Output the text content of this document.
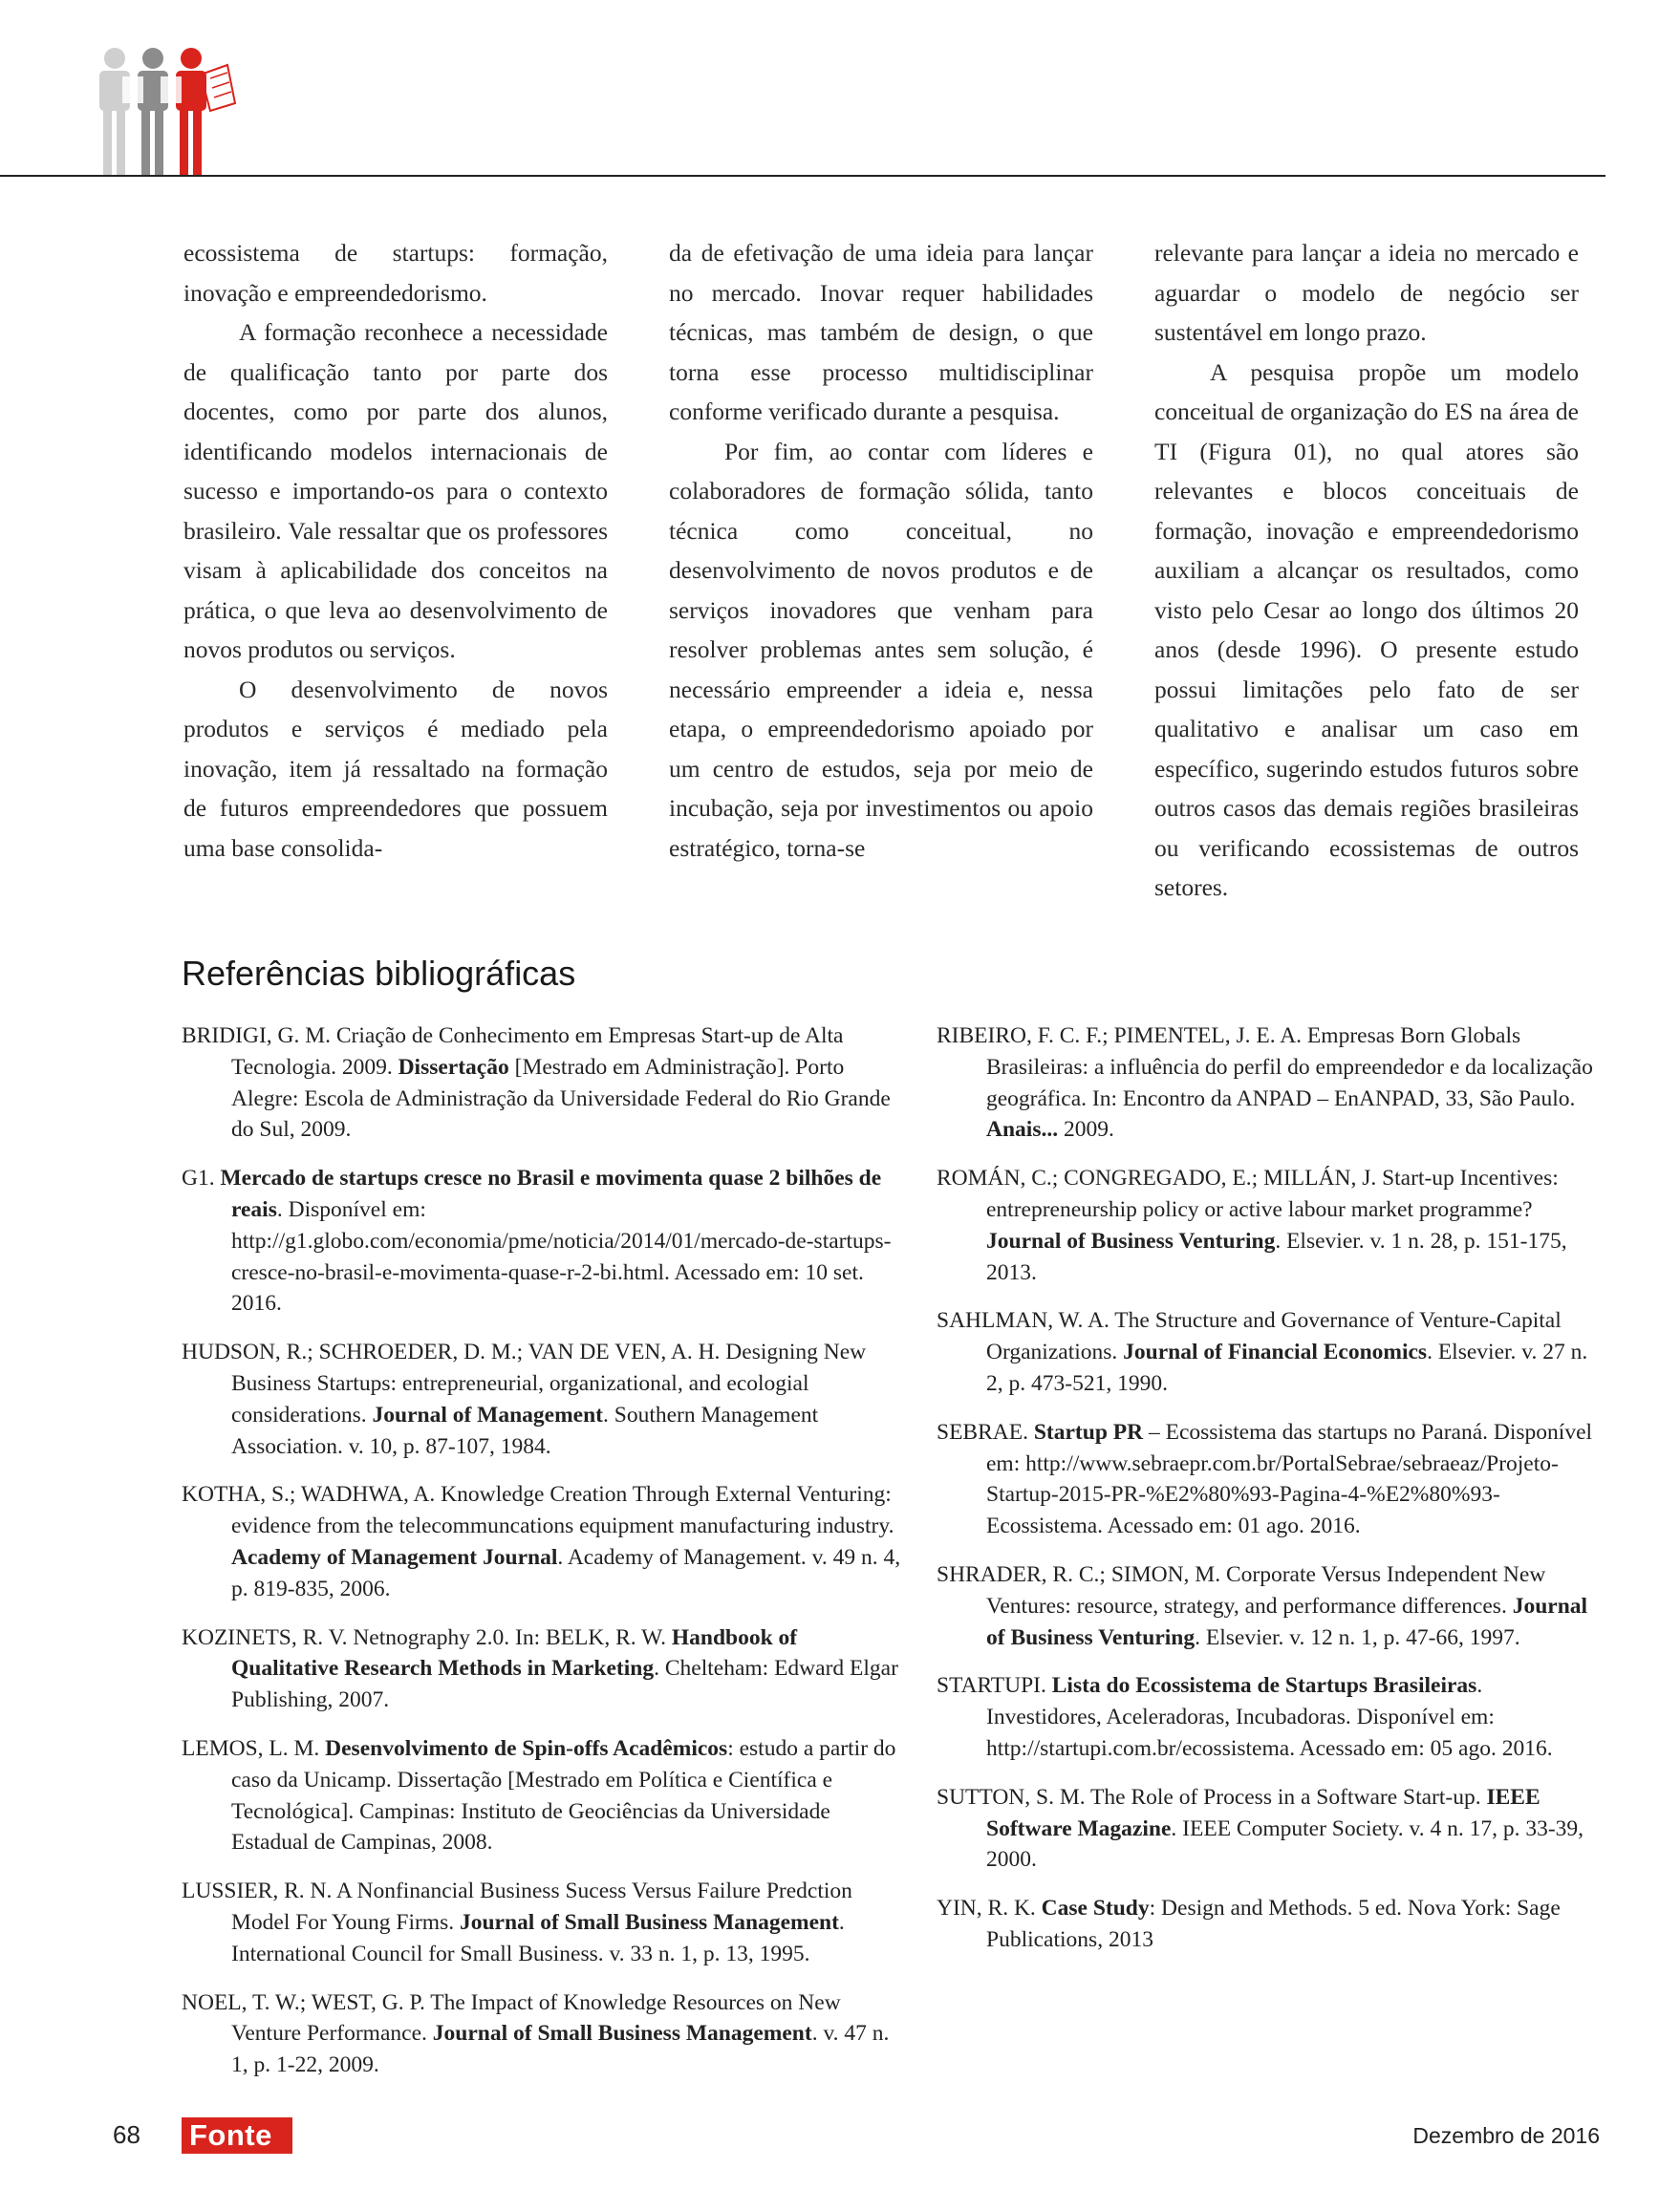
ecossistema de startups: formação, inovação e empreendedorismo.

A formação reconhece a necessidade de qualificação tanto por parte dos docentes, como por parte dos alunos, identificando modelos internacionais de sucesso e importando-os para o contexto brasileiro. Vale ressaltar que os professores visam à aplicabilidade dos conceitos na prática, o que leva ao desenvolvimento de novos produtos ou serviços.

O desenvolvimento de novos produtos e serviços é mediado pela inovação, item já ressaltado na formação de futuros empreendedores que possuem uma base consolida-

da de efetivação de uma ideia para lançar no mercado. Inovar requer habilidades técnicas, mas também de design, o que torna esse processo multidisciplinar conforme verificado durante a pesquisa.

Por fim, ao contar com líderes e colaboradores de formação sólida, tanto técnica como conceitual, no desenvolvimento de novos produtos e de serviços inovadores que venham para resolver problemas antes sem solução, é necessário empreender a ideia e, nessa etapa, o empreendedorismo apoiado por um centro de estudos, seja por meio de incubação, seja por investimentos ou apoio estratégico, torna-se

relevante para lançar a ideia no mercado e aguardar o modelo de negócio ser sustentável em longo prazo.

A pesquisa propõe um modelo conceitual de organização do ES na área de TI (Figura 01), no qual atores são relevantes e blocos conceituais de formação, inovação e empreendedorismo auxiliam a alcançar os resultados, como visto pelo Cesar ao longo dos últimos 20 anos (desde 1996). O presente estudo possui limitações pelo fato de ser qualitativo e analisar um caso em específico, sugerindo estudos futuros sobre outros casos das demais regiões brasileiras ou verificando ecossistemas de outros setores.

Referências bibliográficas

BRIDIGI, G. M. Criação de Conhecimento em Empresas Start-up de Alta Tecnologia. 2009. Dissertação [Mestrado em Administração]. Porto Alegre: Escola de Administração da Universidade Federal do Rio Grande do Sul, 2009.

G1. Mercado de startups cresce no Brasil e movimenta quase 2 bilhões de reais. Disponível em: http://g1.globo.com/economia/pme/noticia/2014/01/mercado-de-startups-cresce-no-brasil-e-movimenta-quase-r-2-bi.html. Acessado em: 10 set. 2016.

HUDSON, R.; SCHROEDER, D. M.; VAN DE VEN, A. H. Designing New Business Startups: entrepreneurial, organizational, and ecologial considerations. Journal of Management. Southern Management Association. v. 10, p. 87-107, 1984.

KOTHA, S.; WADHWA, A. Knowledge Creation Through External Venturing: evidence from the telecommuncations equipment manufacturing industry. Academy of Management Journal. Academy of Management. v. 49 n. 4, p. 819-835, 2006.

KOZINETS, R. V. Netnography 2.0. In: BELK, R. W. Handbook of Qualitative Research Methods in Marketing. Chelteham: Edward Elgar Publishing, 2007.

LEMOS, L. M. Desenvolvimento de Spin-offs Acadêmicos: estudo a partir do caso da Unicamp. Dissertação [Mestrado em Política e Científica e Tecnológica]. Campinas: Instituto de Geociências da Universidade Estadual de Campinas, 2008.

LUSSIER, R. N. A Nonfinancial Business Sucess Versus Failure Predction Model For Young Firms. Journal of Small Business Management. International Council for Small Business. v. 33 n. 1, p. 13, 1995.

NOEL, T. W.; WEST, G. P. The Impact of Knowledge Resources on New Venture Performance. Journal of Small Business Management. v. 47 n. 1, p. 1-22, 2009.

RIBEIRO, F. C. F.; PIMENTEL, J. E. A. Empresas Born Globals Brasileiras: a influência do perfil do empreendedor e da localização geográfica. In: Encontro da ANPAD – EnANPAD, 33, São Paulo. Anais... 2009.

ROMÁN, C.; CONGREGADO, E.; MILLÁN, J. Start-up Incentives: entrepreneurship policy or active labour market programme? Journal of Business Venturing. Elsevier. v. 1 n. 28, p. 151-175, 2013.

SAHLMAN, W. A. The Structure and Governance of Venture-Capital Organizations. Journal of Financial Economics. Elsevier. v. 27 n. 2, p. 473-521, 1990.

SEBRAE. Startup PR – Ecossistema das startups no Paraná. Disponível em: http://www.sebraepr.com.br/PortalSebrae/sebraeaz/Projeto-Startup-2015-PR-%E2%80%93-Pagina-4-%E2%80%93-Ecossistema. Acessado em: 01 ago. 2016.

SHRADER, R. C.; SIMON, M. Corporate Versus Independent New Ventures: resource, strategy, and performance differences. Journal of Business Venturing. Elsevier. v. 12 n. 1, p. 47-66, 1997.

STARTUPI. Lista do Ecossistema de Startups Brasileiras. Investidores, Aceleradoras, Incubadoras. Disponível em: http://startupi.com.br/ecossistema. Acessado em: 05 ago. 2016.

SUTTON, S. M. The Role of Process in a Software Start-up. IEEE Software Magazine. IEEE Computer Society. v. 4 n. 17, p. 33-39, 2000.

YIN, R. K. Case Study: Design and Methods. 5 ed. Nova York: Sage Publications, 2013

68 Fonte	Dezembro de 2016
